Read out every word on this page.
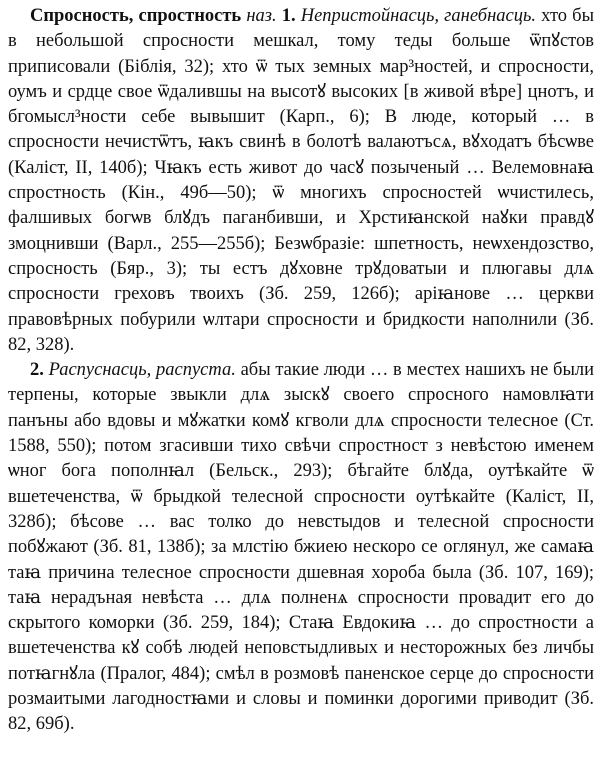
Спросность, спростность наз. 1. Непристойнасць, ганебнасць. хто бы в небольшой спросности мешкал, тому теды больше ѿпꙋстов приписовали (Біблія, 32); хто ѿ тых земныx мар³ностей, и спросности, оумъ и срдце свое ѿдалившы на высотꙋ высоких [в живой вѣре] цнотъ, и бгомысл³ности себе вывышит (Карп., 6); В люде, который … в спросности нечистѿтъ, ꙗкъ свинѣ в болотѣ валаютъсѧ, вꙋходатъ бѣсѡве (Каліст, II, 140б); Чꙗкъ есть живот до часꙋ позыченый … Велемовнаꙗ спростность (Кін., 49б—50); ѿ многихъ спросностей ѡчистилесь, фалшивых богѡв блꙋдъ паганбивши, и Хрстиꙗнской наꙋки правдꙋ змоцнивши (Варл., 255—255б); Безѡбразіе: шпетность, неѡхендозство, спросность (Бяр., 3); ты естъ дꙋховне трꙋдоватыи и плюгавы длѧ спросности греховъ твоихъ (Зб. 259, 126б); аріꙗнове … церкви правовѣрных побурили ѡлтари спросности и бридкости наполнили (Зб. 82, 328).

2. Распуснасць, распуста. абы такие люди … в местех нашихъ не были терпены, которые звыкли длѧ зыскꙋ своего спросного намовлꙗти панъны або вдовы и мꙋжатки комꙋ кгволи длѧ спросности телесное (Ст. 1588, 550); потом згасивши тихо свѣчи спростност з невѣстою именем ѡног бога пополнꙗл (Бельск., 293); бѣгайте блꙋда, оутѣкайте ѿ вшетеченства, ѿ брыдкой телесной спросности оутѣкайте (Каліст, II, 328б); бѣсове … вас толко до невстыдов и телесной спросности побꙋжают (Зб. 81, 138б); за млстію бжиею нескоро се оглянул, же самаꙗ таꙗ причина телесное спросности дшевная хороба была (Зб. 107, 169); таꙗ нерадъная невѣста … длѧ полненѧ спросности провадит его до скрытого коморки (Зб. 259, 184); Стаꙗ Евдокиꙗ … до спростности а вшетеченства кꙋ собѣ людей неповстыдливых и несторожных без личбы потꙗгнꙋла (Пралог, 484); смѣл в розмовѣ паненское серце до спросности розмаитыми лагодностꙗми и словы и поминки дорогими приводит (Зб. 82, 69б).
